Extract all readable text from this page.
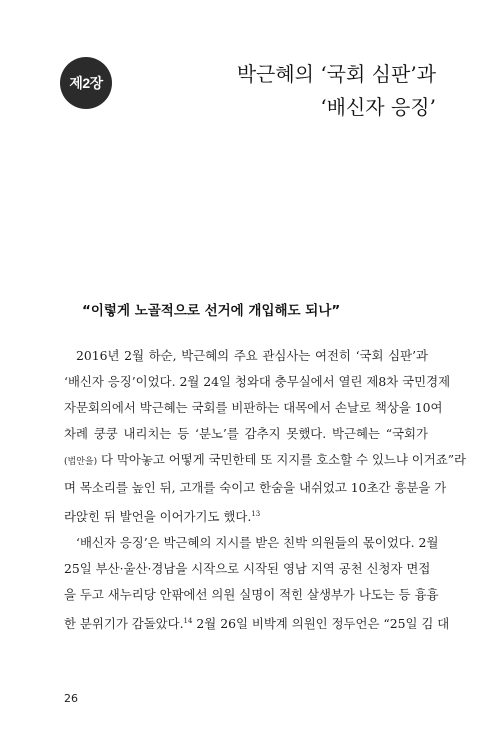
제2장	박근혜의 ‘국회 심판’과
‘배신자 응징’
“이렇게 노골적으로 선거에 개입해도 되나”
2016년 2월 하순, 박근혜의 주요 관심사는 여전히 ‘국회 심판’과
‘배신자 응징’이었다. 2월 24일 청와대 충무실에서 열린 제8차 국민경제
자문회의에서 박근혜는 국회를 비판하는 대목에서 손날로 책상을 10여
차례 쿵쿵 내리치는 등 ‘분노’를 감추지 못했다. 박근혜는 “국회가
(법안을) 다 막아놓고 어떻게 국민한테 또 지지를 호소할 수 있느냐 이거죠”라
며 목소리를 높인 뒤, 고개를 숙이고 한숨을 내쉬었고 10초간 흥분을 가
라앉힌 뒤 발언을 이어가기도 했다.$^{13}$
‘배신자 응징’은 박근혜의 지시를 받은 친박 의원들의 몫이었다. 2월
25일 부산·울산·경남을 시작으로 시작된 영남 지역 공천 신청자 면접
을 두고 새누리당 안팎에선 의원 실명이 적힌 살생부가 나도는 등 흉흉
한 분위기가 감돌았다.$^{14}$ 2월 26일 비박계 의원인 정두언은 “25일 김 대
26
